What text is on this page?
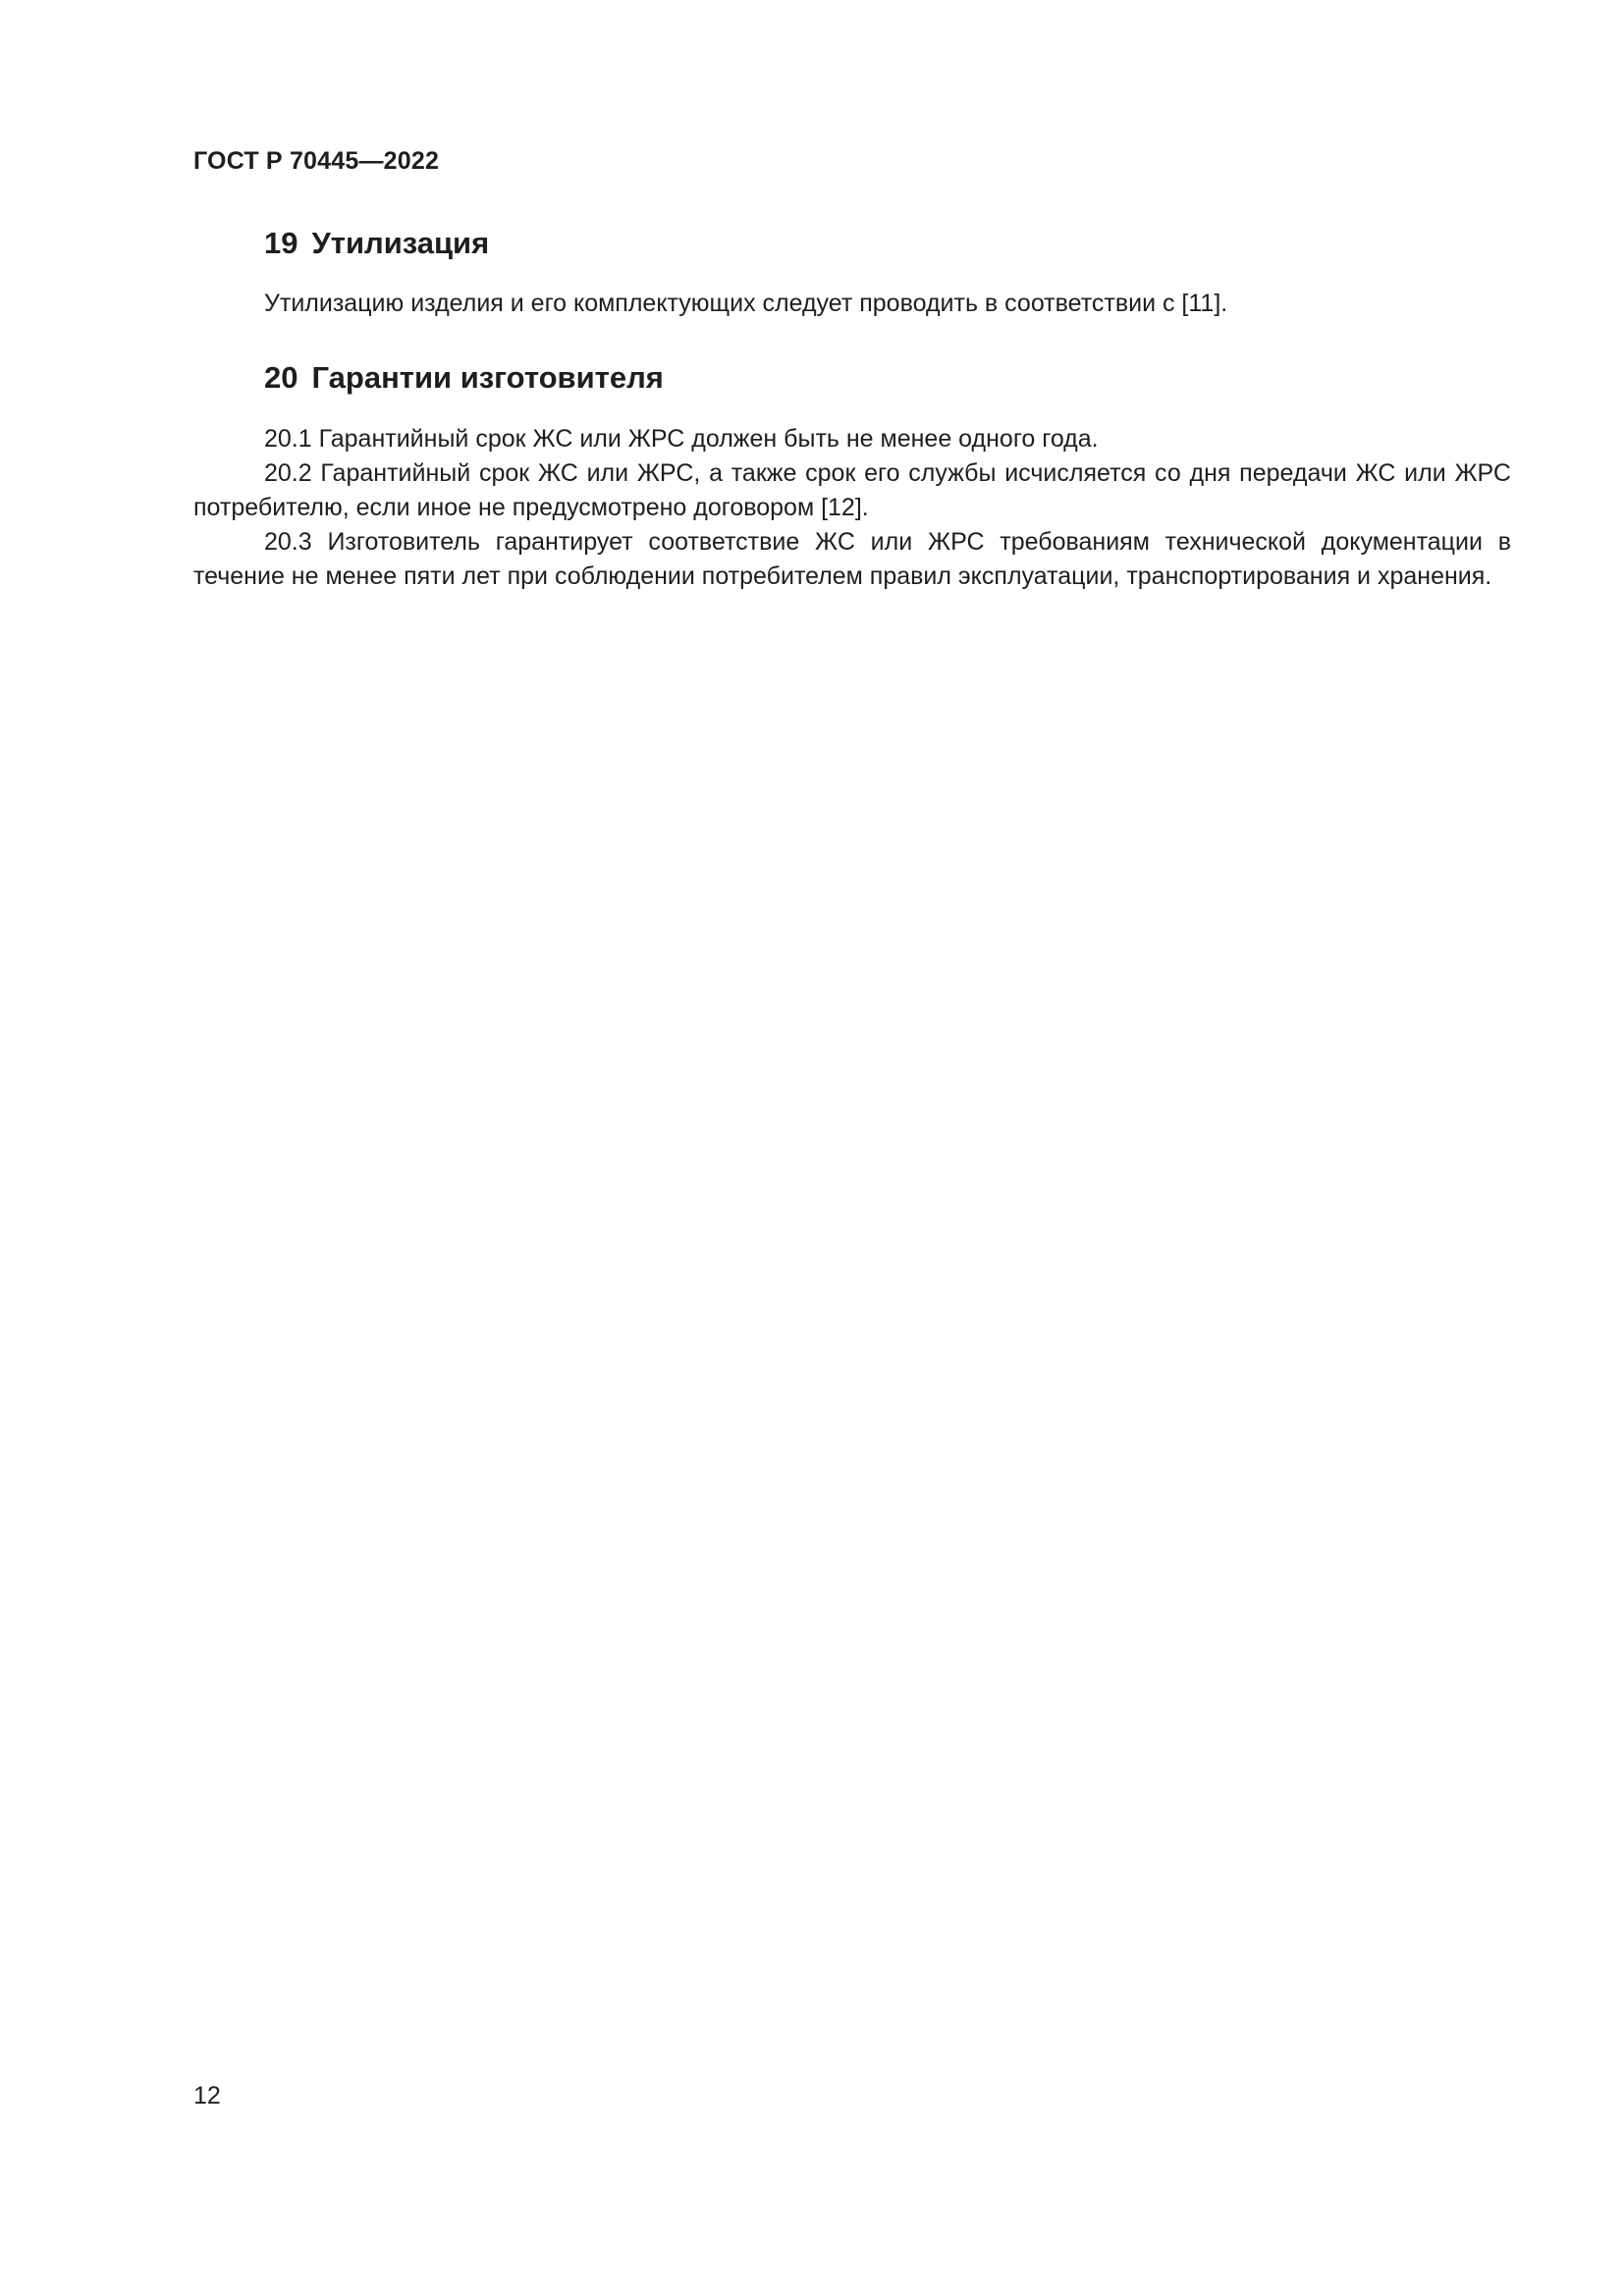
ГОСТ Р 70445—2022

19 Утилизация

Утилизацию изделия и его комплектующих следует проводить в соответствии с [11].

20 Гарантии изготовителя

20.1 Гарантийный срок ЖС или ЖРС должен быть не менее одного года.

20.2 Гарантийный срок ЖС или ЖРС, а также срок его службы исчисляется со дня передачи ЖС или ЖРС потребителю, если иное не предусмотрено договором [12].

20.3 Изготовитель гарантирует соответствие ЖС или ЖРС требованиям технической документации в течение не менее пяти лет при соблюдении потребителем правил эксплуатации, транспортирования и хранения.

12
